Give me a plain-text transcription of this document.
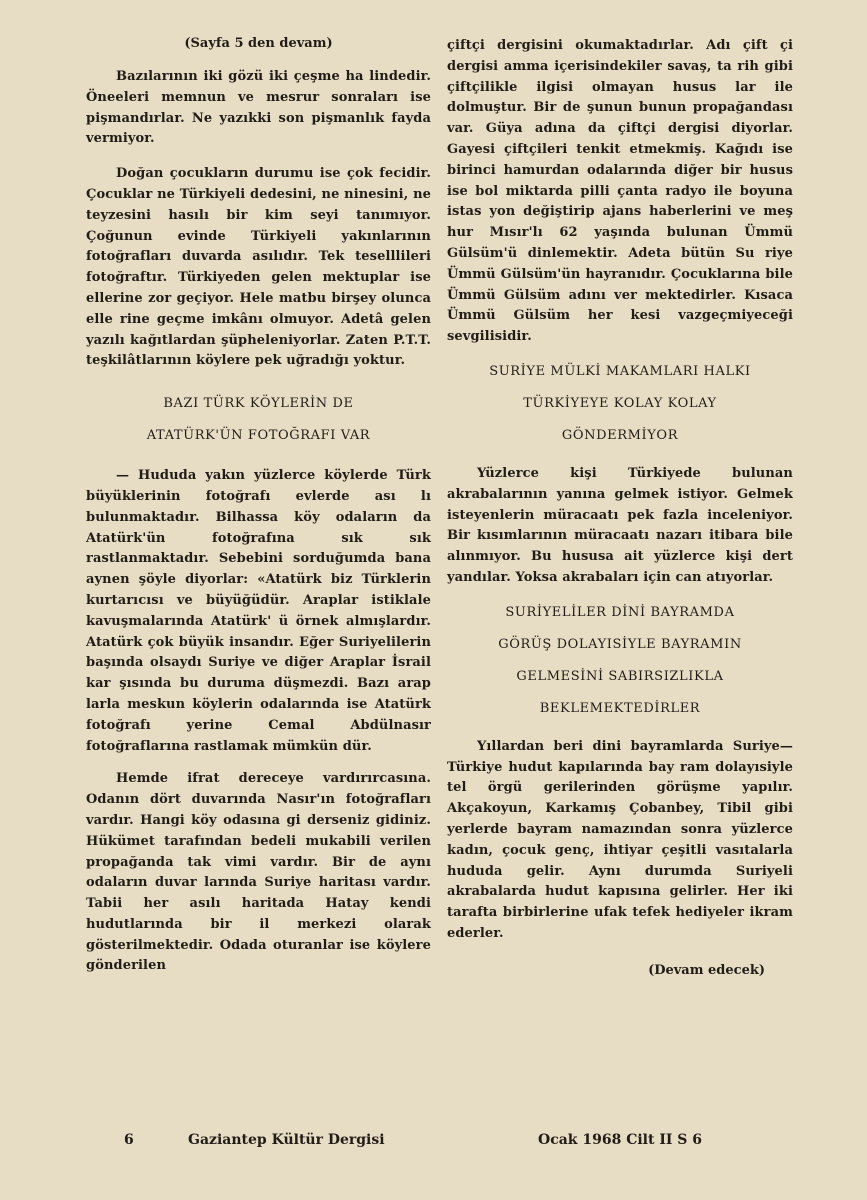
(Sayfa 5 den devam)

Bazılarının iki gözü iki çeşme ha lindedir. Öneeleri memnun ve mesrur sonraları ise pişmandırlar. Ne yazıkki son pişmanlık fayda vermiyor.

Doğan çocukların durumu ise çok fecidir. Çocuklar ne Türkiyeli dedesini, ne ninesini, ne teyzesini hasılı bir kim seyi tanımıyor. Çoğunun evinde Türkiyeli yakınlarının fotoğrafları duvarda asılıdır. Tek teselllileri fotoğraftır. Türkiyeden gelen mektuplar ise ellerine zor geçiyor. Hele matbu birşey olunca elle rine geçme imkânı olmuyor. Adetâ gelen yazılı kağıtlardan şüpheleniyorlar. Zaten P.T.T. teşkilâtlarının köylere pek uğradığı yoktur.

BAZI TÜRK KÖYLERİN DE
ATATÜRK'ÜN FOTOĞRAFI VAR

— Hududa yakın yüzlerce köylerde Türk büyüklerinin fotoğrafı evlerde ası lı bulunmaktadır. Bilhassa köy odaların da Atatürk'ün fotoğrafına sık sık rastlanmaktadır. Sebebini sorduğumda bana aynen şöyle diyorlar: «Atatürk biz Türklerin kurtarıcısı ve büyüğüdür. Araplar istiklale kavuşmalarında Atatürk' ü örnek almışlardır. Atatürk çok büyük insandır. Eğer Suriyelilerin başında olsaydı Suriye ve diğer Araplar İsrail kar şısında bu duruma düşmezdi. Bazı arap larla meskun köylerin odalarında ise Atatürk fotoğrafı yerine Cemal Abdülnasır fotoğraflarına rastlamak mümkün dür.

Hemde ifrat dereceye vardırırcasına. Odanın dört duvarında Nasır'ın fotoğrafları vardır. Hangi köy odasına gi derseniz gidiniz. Hükümet tarafından bedeli mukabili verilen propağanda tak vimi vardır. Bir de aynı odaların duvar larında Suriye haritası vardır. Tabii her asılı haritada Hatay kendi hudutlarında bir il merkezi olarak gösterilmektedir. Odada oturanlar ise köylere gönderilen

çiftçi dergisini okumaktadırlar. Adı çift çi dergisi amma içerisindekiler savaş, ta rih gibi çiftçilikle ilgisi olmayan husus lar ile dolmuştur. Bir de şunun bunun propağandası var. Güya adına da çiftçi dergisi diyorlar. Gayesi çiftçileri tenkit etmekmiş. Kağıdı ise birinci hamurdan odalarında diğer bir husus ise bol miktarda pilli çanta radyo ile boyuna istas yon değiştirip ajans haberlerini ve meş hur Mısır'lı 62 yaşında bulunan Ümmü Gülsüm'ü dinlemektir. Adeta bütün Su riye Ümmü Gülsüm'ün hayranıdır. Çocuklarına bile Ümmü Gülsüm adını ver mektedirler. Kısaca Ümmü Gülsüm her kesi vazgeçmiyeceği sevgilisidir.

SURİYE MÜLKİ MAKAMLARI HALKI
TÜRKİYEYE KOLAY KOLAY
GÖNDERMİYOR

Yüzlerce kişi Türkiyede bulunan akrabalarının yanına gelmek istiyor. Gelmek isteyenlerin müracaatı pek fazla inceleniyor. Bir kısımlarının müracaatı nazarı itibara bile alınmıyor. Bu hususa ait yüzlerce kişi dert yandılar. Yoksa akrabaları için can atıyorlar.

SURİYELİLER DİNİ BAYRAMDA
GÖRÜŞ DOLAYISİYLE BAYRAMIN
GELMESİNİ SABIRSIZLIKLA
BEKLEMEKTEDİRLER

Yıllardan beri dini bayramlarda Suriye—Türkiye hudut kapılarında bay ram dolayısiyle tel örgü gerilerinden görüşme yapılır. Akçakoyun, Karkamış Çobanbey, Tibil gibi yerlerde bayram namazından sonra yüzlerce kadın, çocuk genç, ihtiyar çeşitli vasıtalarla hududa gelir. Aynı durumda Suriyeli akrabalarda hudut kapısına gelirler. Her iki tarafta birbirlerine ufak tefek hediyeler ikram ederler.

(Devam edecek)
6	Gaziantep Kültür Dergisi	Ocak 1968 Cilt II S 6
